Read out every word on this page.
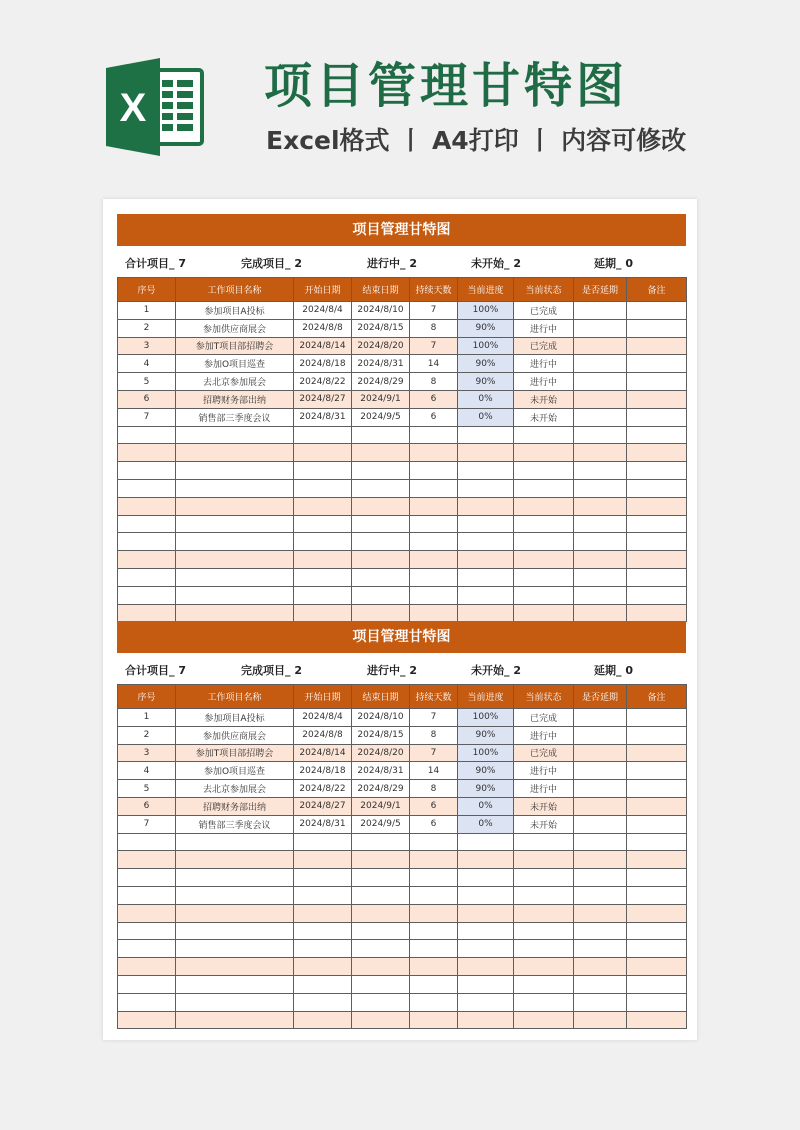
X 项目管理甘特图
Excel格式 丨 A4打印 丨 内容可修改
项目管理甘特图
合计项目_ 7	完成项目_ 2	进行中_ 2	未开始_ 2	延期_ 0
序号	工作项目名称	开始日期	结束日期	持续天数	当前进度	当前状态	是否延期	备注
1	参加项目A投标	2024/8/4	2024/8/10	7	100%	已完成		
2	参加供应商展会	2024/8/8	2024/8/15	8	90%	进行中		
3	参加T项目部招聘会	2024/8/14	2024/8/20	7	100%	已完成		
4	参加O项目巡查	2024/8/18	2024/8/31	14	90%	进行中		
5	去北京参加展会	2024/8/22	2024/8/29	8	90%	进行中		
6	招聘财务部出纳	2024/8/27	2024/9/1	6	0%	未开始		
7	销售部三季度会议	2024/8/31	2024/9/5	6	0%	未开始		

项目管理甘特图
合计项目_ 7	完成项目_ 2	进行中_ 2	未开始_ 2	延期_ 0
序号	工作项目名称	开始日期	结束日期	持续天数	当前进度	当前状态	是否延期	备注
1	参加项目A投标	2024/8/4	2024/8/10	7	100%	已完成		
2	参加供应商展会	2024/8/8	2024/8/15	8	90%	进行中		
3	参加T项目部招聘会	2024/8/14	2024/8/20	7	100%	已完成		
4	参加O项目巡查	2024/8/18	2024/8/31	14	90%	进行中		
5	去北京参加展会	2024/8/22	2024/8/29	8	90%	进行中		
6	招聘财务部出纳	2024/8/27	2024/9/1	6	0%	未开始		
7	销售部三季度会议	2024/8/31	2024/9/5	6	0%	未开始		
